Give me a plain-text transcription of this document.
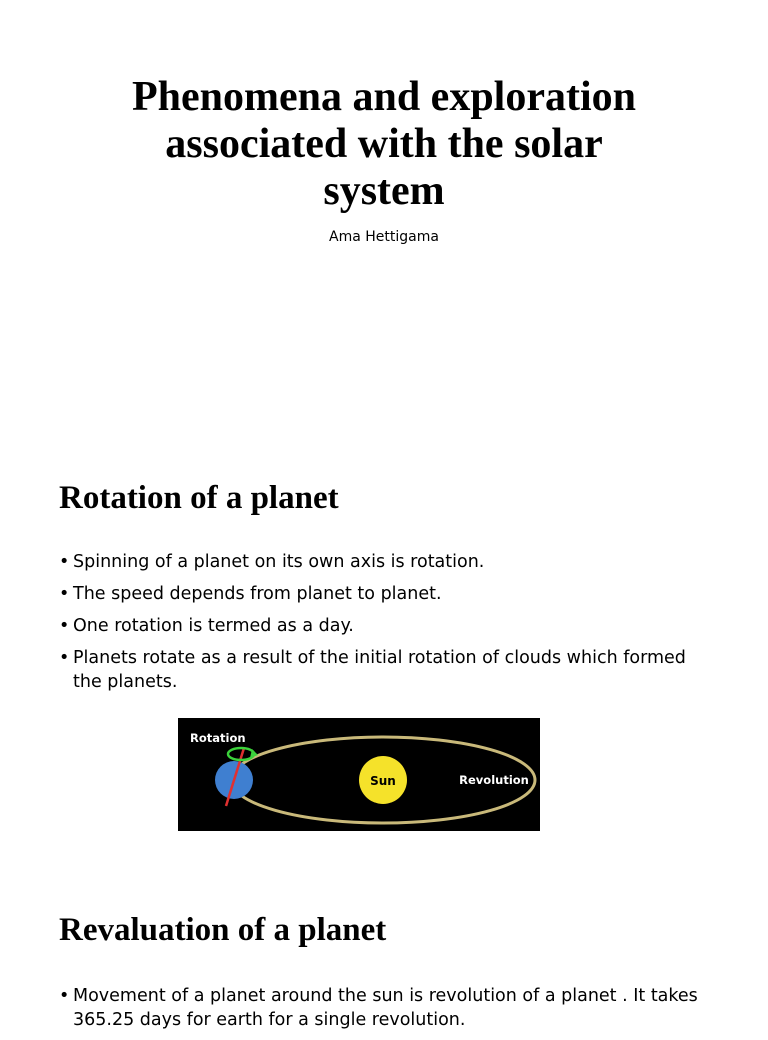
Phenomena and exploration
associated with the solar
system

Ama Hettigama

Rotation of a planet
• Spinning of a planet on its own axis is rotation.
• The speed depends from planet to planet.
• One rotation is termed as a day.
• Planets rotate as a result of the initial rotation of clouds which formed the planets.
Sun
Rotation
Revolution
Revaluation of a planet
• Movement of a planet around the sun is revolution of a planet . It takes 365.25 days for earth for a single revolution.
